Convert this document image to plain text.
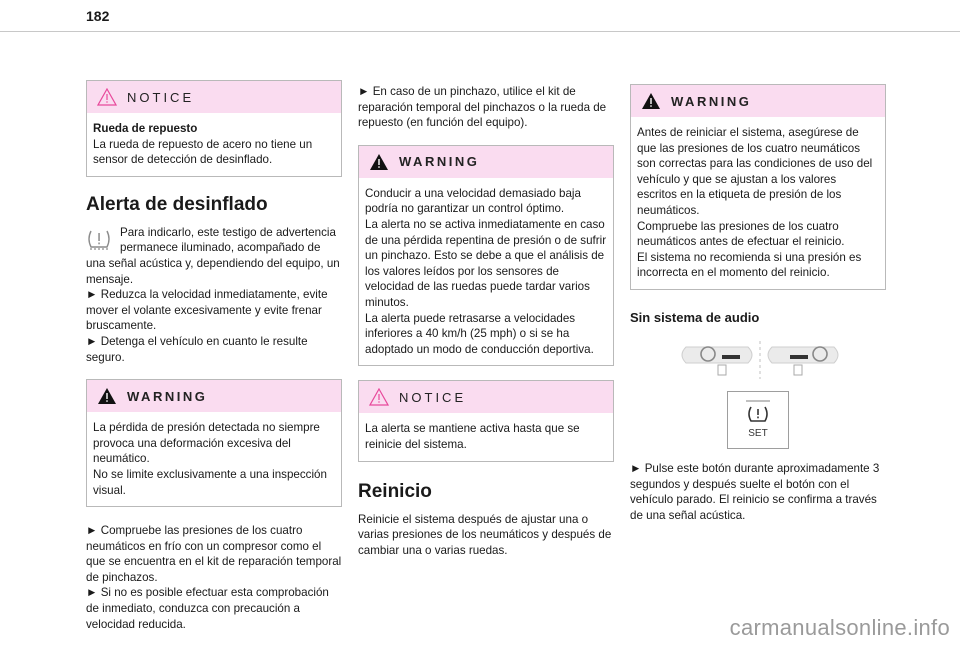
182
NOTICE
Rueda de repuesto
La rueda de repuesto de acero no tiene un sensor de detección de desinflado.
Alerta de desinflado

Para indicarlo, este testigo de advertencia permanece iluminado, acompañado de

una señal acústica y, dependiendo del equipo, un mensaje.
► Reduzca la velocidad inmediatamente, evite mover el volante excesivamente y evite frenar bruscamente.
► Detenga el vehículo en cuanto le resulte seguro.

WARNING
La pérdida de presión detectada no siempre provoca una deformación excesiva del neumático.
No se limite exclusivamente a una inspección visual.

► Compruebe las presiones de los cuatro neumáticos en frío con un compresor como el que se encuentra en el kit de reparación temporal de pinchazos.
► Si no es posible efectuar esta comprobación de inmediato, conduzca con precaución a velocidad reducida.

► En caso de un pinchazo, utilice el kit de reparación temporal del pinchazos o la rueda de repuesto (en función del equipo).

WARNING
Conducir a una velocidad demasiado baja podría no garantizar un control óptimo.
La alerta no se activa inmediatamente en caso de una pérdida repentina de presión o de sufrir un pinchazo. Esto se debe a que el análisis de los valores leídos por los sensores de velocidad de las ruedas puede tardar varios minutos.
La alerta puede retrasarse a velocidades inferiores a 40 km/h (25 mph) o si se ha adoptado un modo de conducción deportiva.
NOTICE
La alerta se mantiene activa hasta que se reinicie del sistema.
Reinicio

Reinicie el sistema después de ajustar una o varias presiones de los neumáticos y después de cambiar una o varias ruedas.

WARNING
Antes de reiniciar el sistema, asegúrese de que las presiones de los cuatro neumáticos son correctas para las condiciones de uso del vehículo y que se ajustan a los valores escritos en la etiqueta de presión de los neumáticos.
Compruebe las presiones de los cuatro neumáticos antes de efectuar el reinicio.
El sistema no recomienda si una presión es incorrecta en el momento del reinicio.
Sin sistema de audio
SET

► Pulse este botón durante aproximadamente 3 segundos y después suelte el botón con el vehículo parado. El reinicio se confirma a través de una señal acústica.

carmanualsonline.info
